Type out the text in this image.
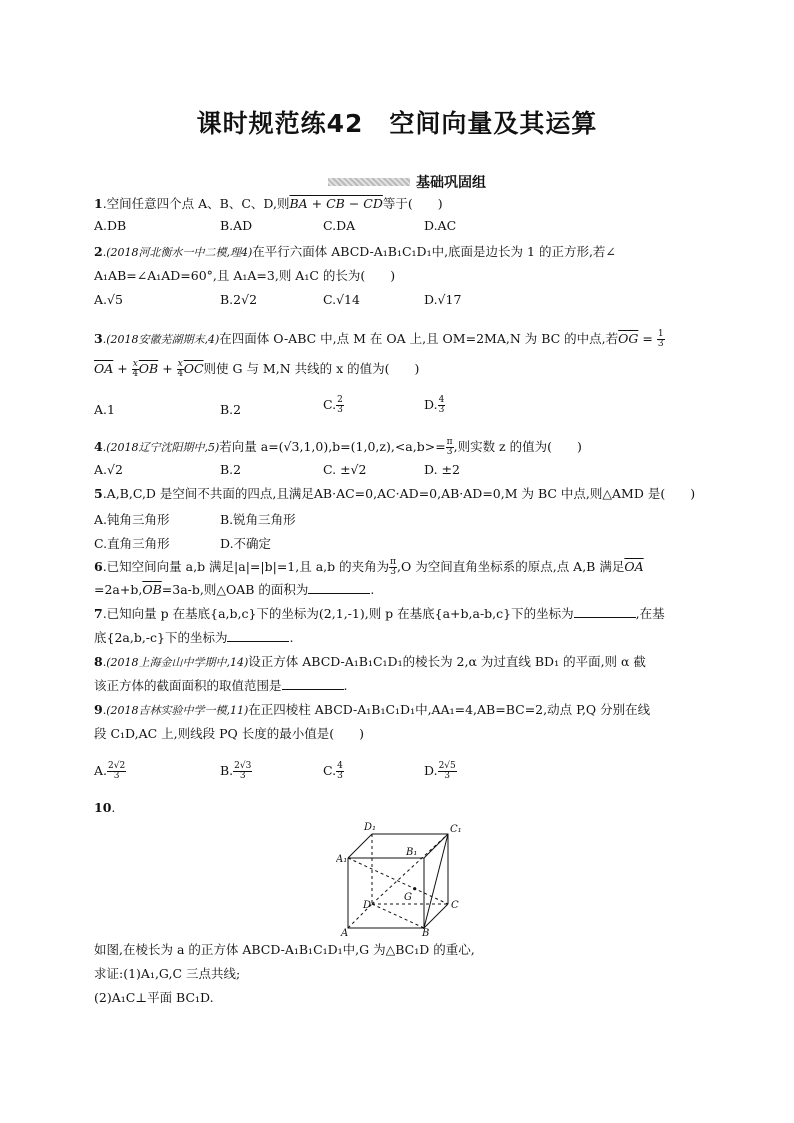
课时规范练42　空间向量及其运算
基础巩固组
1.空间任意四个点 A、B、C、D,则BA + CB − CD等于(　　)
A.DB	B.AD	C.DA	D.AC
2.(2018河北衡水一中二模,理4)在平行六面体 ABCD-A₁B₁C₁D₁中,底面是边长为 1 的正方形,若∠
A₁AB=∠A₁AD=60°,且 A₁A=3,则 A₁C 的长为(　　)
A.√5	B.2√2	C.√14	D.√17
3.(2018安徽芜湖期末,4)在四面体 O-ABC 中,点 M 在 OA 上,且 OM=2MA,N 为 BC 的中点,若$\overline{OG} = \frac{1}{3}$
$\overline{OA} + \frac{x}{4} \overline{OB} + \frac{x}{4} \overline{OC}$则使 G 与 M,N 共线的 x 的值为(　　)
A.1	B.2	C. $\frac{2}{3}$	D. $\frac{4}{3}$
4.(2018辽宁沈阳期中,5)若向量 $a=(√3,1,0),b=(1,0,z),<a,b>= \frac{\pi}{3}$ ,则实数 z 的值为(　　)
A.√2	B.2	C. ±√2	D. ±2
5.A,B,C,D 是空间不共面的四点,且满足AB·AC=0,AC·AD=0,AB·AD=0,M 为 BC 中点,则△AMD 是(　　)
A.钝角三角形	B.锐角三角形
C.直角三角形	D.不确定
6.已知空间向量 a,b 满足|a|=|b|=1,且 a,b 的夹角为 $\frac{\pi}{3} ,O$ 为空间直角坐标系的原点,点 A,B 满足$\overline{OA}$
$=2a+b,\overline{OB}=3a-b$,则△OAB 的面积为	.
7.已知向量 p 在基底{a,b,c}下的坐标为(2,1,-1),则 p 在基底{a+b,a-b,c}下的坐标为	,在基
底{2a,b,-c}下的坐标为	.
8.(2018上海金山中学期中,14)设正方体 ABCD-A₁B₁C₁D₁的棱长为 2,α 为过直线 BD₁ 的平面,则 α 截
该正方体的截面面积的取值范围是	.
9.(2018吉林实验中学一模,11)在正四棱柱 ABCD-A₁B₁C₁D₁中,AA₁=4,AB=BC=2,动点 P,Q 分别在线
段 C₁D,AC 上,则线段 PQ 长度的最小值是(　　)
A. $\frac{2√2}{3}$	B. $\frac{2√3}{3}$	C. $\frac{4}{3}$	D. $\frac{2√5}{3}$
10.
D₁	C₁
B₁
A₁
D
G
C
A	B
如图,在棱长为 a 的正方体 ABCD-A₁B₁C₁D₁中,G 为△BC₁D 的重心,
求证:(1)A₁,G,C 三点共线;
(2)A₁C⊥平面 BC₁D.
